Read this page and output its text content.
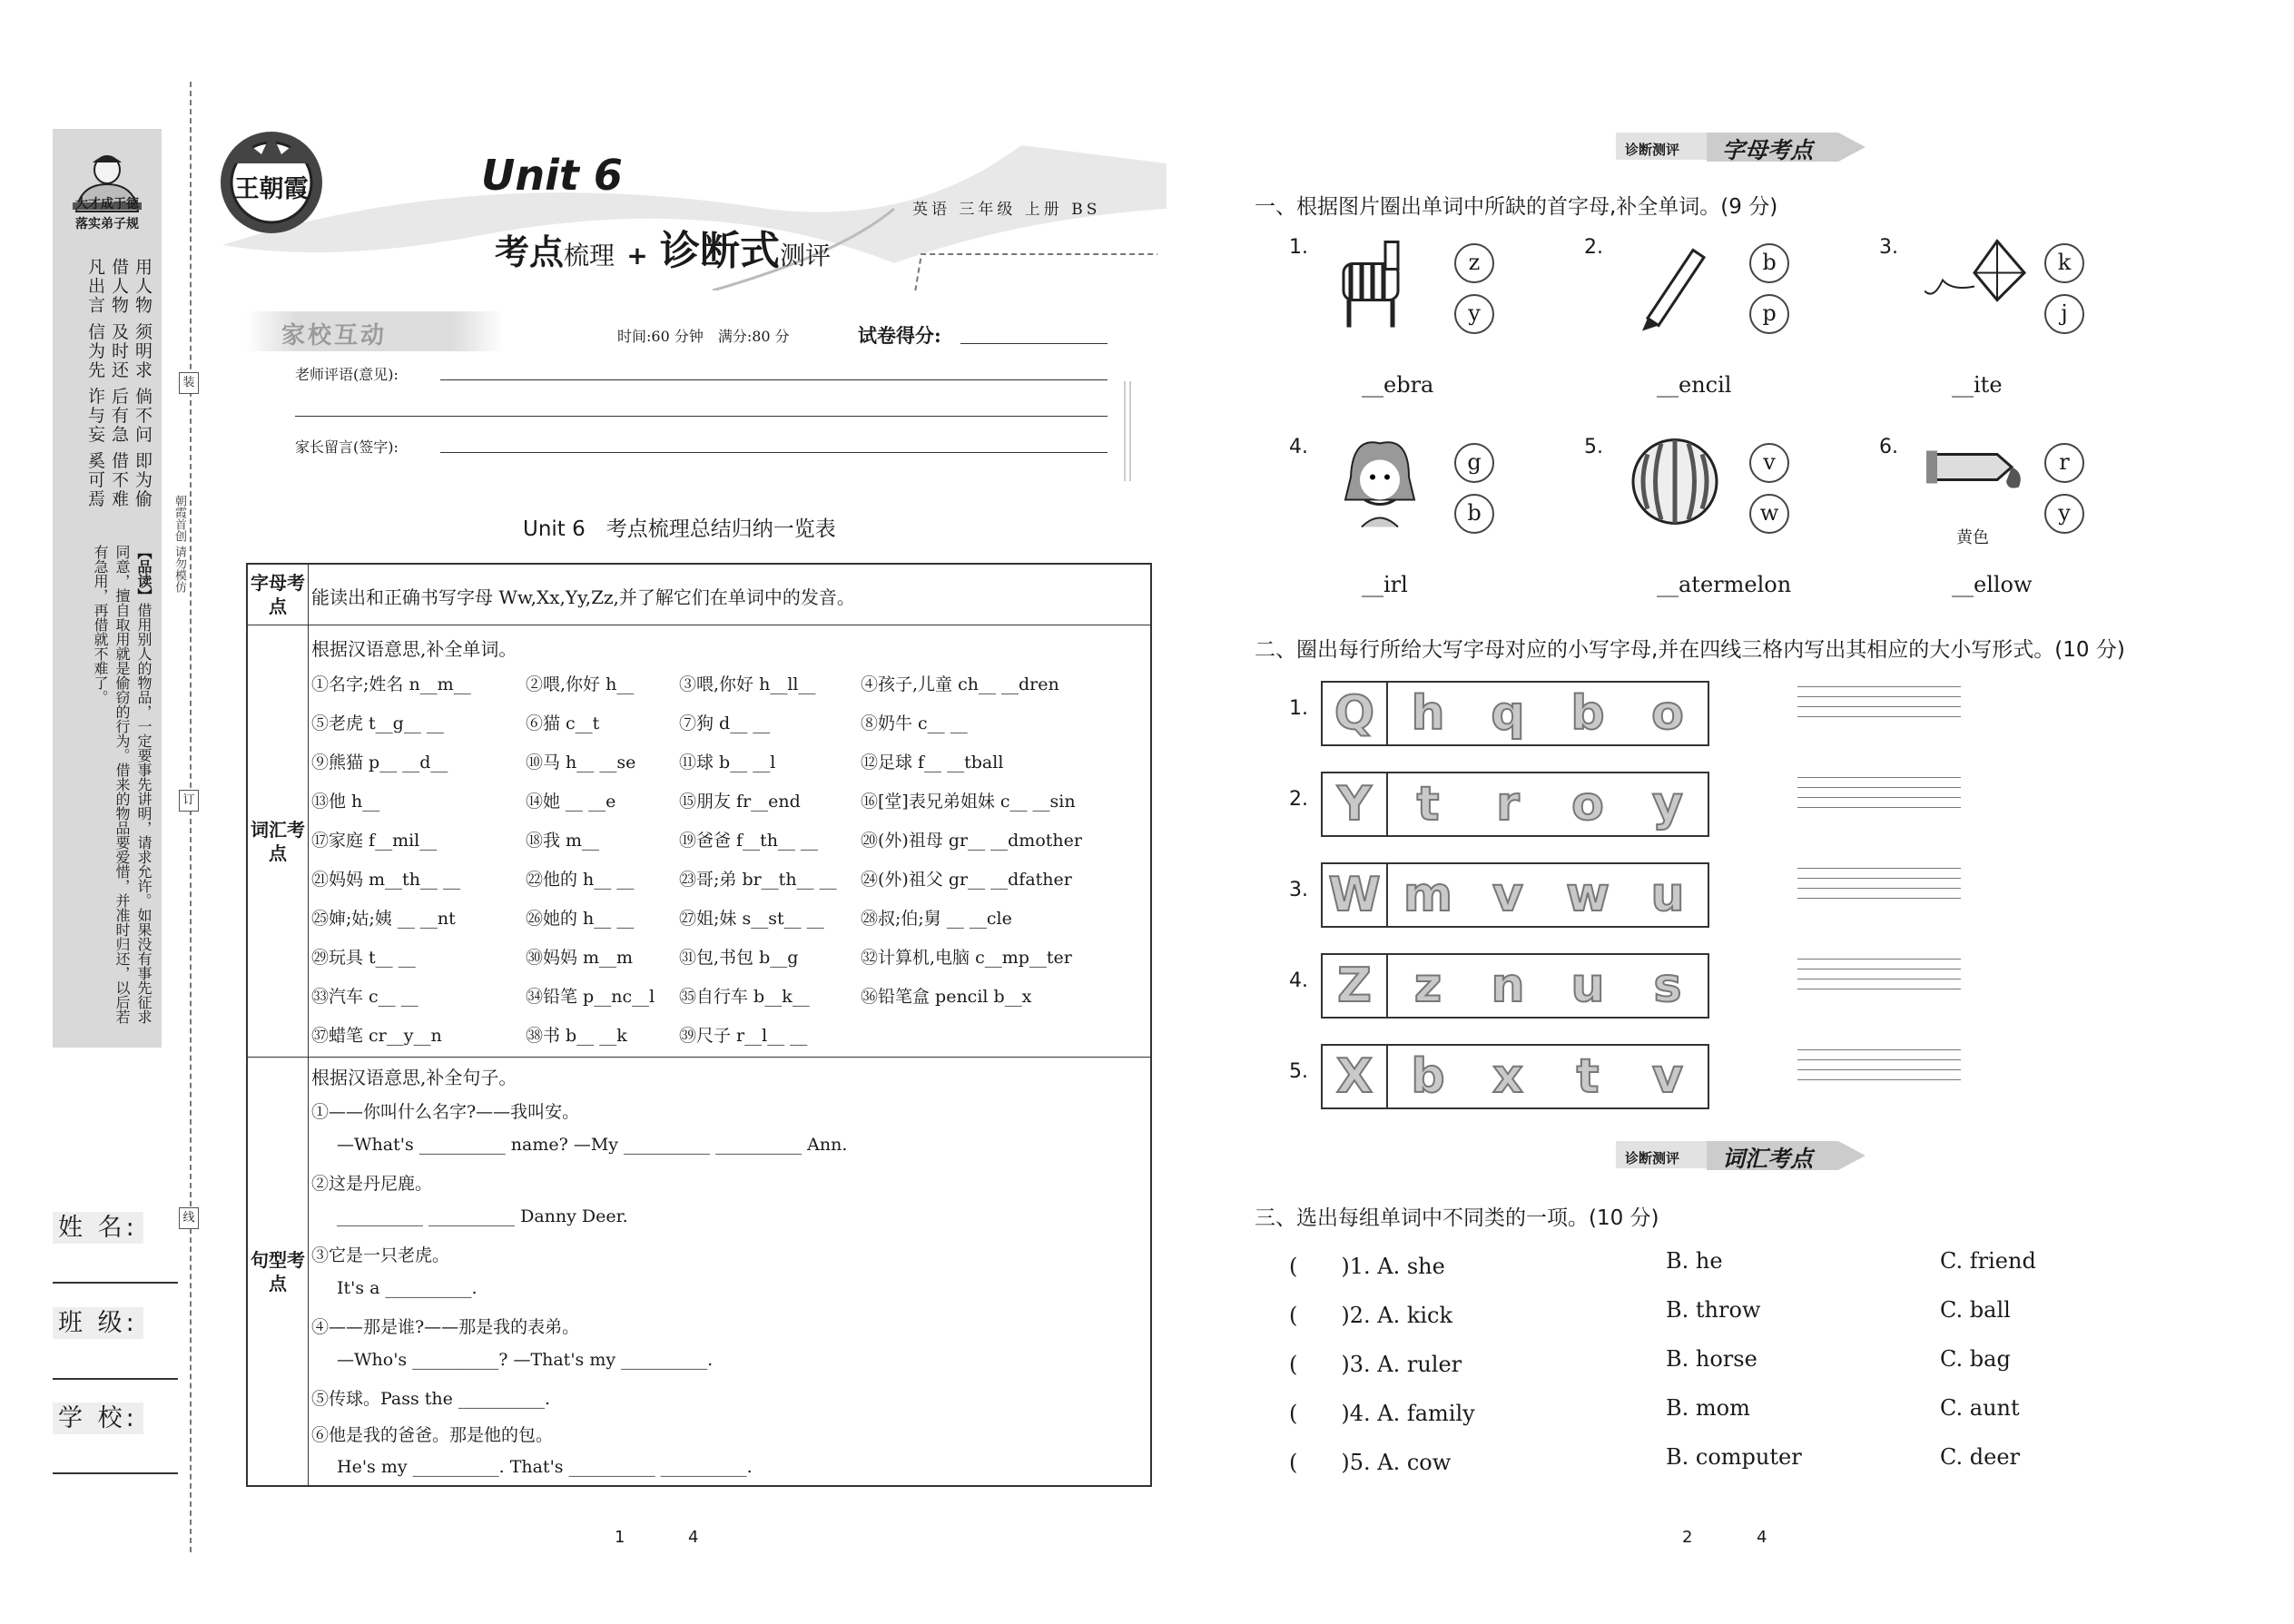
大才成于德
落实弟子规
用人物 须明求 倘不问 即为偷 借人物 及时还 后有急 借不难 凡出言 信为先 诈与妄 奚可焉
【品读】借用别人的物品，一定要事先讲明，请求允许。如果没有事先征求同意，擅自取用就是偷窃的行为。借来的物品要爱惜，并准时归还，以后若有急用，再借就不难了。
装
订
线
朝霞首创 请勿模仿
姓 名:
班 级:
学 校:
王朝霞	Unit 6
考点梳理 + 诊断式测评
英语 三年级 上册 BS
家校互动	时间:60 分钟　满分:80 分	试卷得分:
老师评语(意见):
家长留言(签字):
Unit 6　考点梳理总结归纳一览表
字母考点	能读出和正确书写字母 Ww,Xx,Yy,Zz,并了解它们在单词中的发音。
词汇考点
根据汉语意思,补全单词。
①名字;姓名 n__m__	②喂,你好 h__	③喂,你好 h__ll__	④孩子,儿童 ch__ __dren
⑤老虎 t__g__ __	⑥猫 c__t	⑦狗 d__ __	⑧奶牛 c__ __
⑨熊猫 p__ __d__	⑩马 h__ __se	⑪球 b__ __l	⑫足球 f__ __tball
⑬他 h__	⑭她 __ __e	⑮朋友 fr__end	⑯[堂]表兄弟姐妹 c__ __sin
⑰家庭 f__mil__	⑱我 m__	⑲爸爸 f__th__ __ ⑳(外)祖母 gr__ __dmother
㉑妈妈 m__th__ __	㉒他的 h__ __	㉓哥;弟 br__th__ __ ㉔(外)祖父 gr__ __dfather
㉕婶;姑;姨 __ __nt	㉖她的 h__ __	㉗姐;妹 s__st__ __ ㉘叔;伯;舅 __ __cle
㉙玩具 t__ __	㉚妈妈 m__m	㉛包,书包 b__g	㉜计算机,电脑 c__mp__ter
㉝汽车 c__ __	㉞铅笔 p__nc__l ㉟自行车 b__k__	㊱铅笔盒 pencil b__x
㊲蜡笔 cr__y__n	㊳书 b__ __k	㊴尺子 r__l__ __
句型考点
根据汉语意思,补全句子。
①——你叫什么名字?——我叫安。
—What's __________ name? —My __________ __________ Ann.
②这是丹尼鹿。
__________ __________ Danny Deer.
③它是一只老虎。
It's a __________.
④——那是谁?——那是我的表弟。
—Who's __________? —That's my __________.
⑤传球。Pass the __________.
⑥他是我的爸爸。那是他的包。
He's my __________. That's __________ __________.
1	4
诊断测评 字母考点
一、根据图片圈出单词中所缺的首字母,补全单词。(9 分)
1.
z
y
__ebra
2.
b
p
__encil
3.
k
j
__ite
4.
g
b
__irl
5.
v
w
__atermelon
6.
r
y
黄色
__ellow
二、圈出每行所给大写字母对应的小写字母,并在四线三格内写出其相应的大小写形式。(10 分)
1. Q h q b o
2. Y t	r	o	y
3. W m v w u
4. Z z	n u	s
5. X b	x	t	v
诊断测评 词汇考点
三、选出每组单词中不同类的一项。(10 分)
(　　)1. A. she	B. he	C. friend
(　　)2. A. kick	B. throw	C. ball
(　　)3. A. ruler	B. horse	C. bag
(　　)4. A. family	B. mom	C. aunt
(　　)5. A. cow	B. computer	C. deer
2	4
